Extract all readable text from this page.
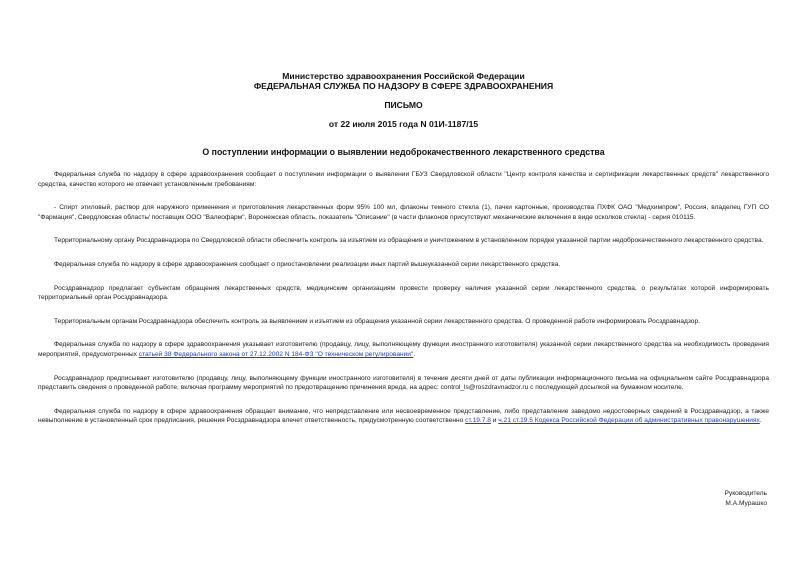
Министерство здравоохранения Российской Федерации
ФЕДЕРАЛЬНАЯ СЛУЖБА ПО НАДЗОРУ В СФЕРЕ ЗДРАВООХРАНЕНИЯ
ПИСЬМО
от 22 июля 2015 года N 01И-1187/15
О поступлении информации о выявлении недоброкачественного лекарственного средства

Федеральная служба по надзору в сфере здравоохранения сообщает о поступлении информации о выявлении ГБУЗ Свердловской области "Центр контроля качества и сертификации лекарственных средств" лекарственного средства, качество которого не отвечает установленным требованиям:

- Спирт этиловый, раствор для наружного применения и приготовления лекарственных форм 95% 100 мл, флаконы темного стекла (1), пачки картонные, производства ПХФК ОАО "Медхимпром", Россия, владелец ГУП СО "Фармация", Свердловская область/ поставщик ООО "Валеофарм", Воронежская область, показатель "Описание" (в части флаконов присутствуют механические включения в виде осколков стекла) - серия 010115.

Территориальному органу Росздравнадзора по Свердловской области обеспечить контроль за изъятием из обращения и уничтожением в установленном порядке указанной партии недоброкачественного лекарственного средства.

Федеральная служба по надзору в сфере здравоохранения сообщает о приостановлении реализации иных партий вышеуказанной серии лекарственного средства.

Росздравнадзор предлагает субъектам обращения лекарственных средств, медицинским организациям провести проверку наличия указанной серии лекарственного средства, о результатах которой информировать территориальный орган Росздравнадзора.

Территориальным органам Росздравнадзора обеспечить контроль за выявлением и изъятием из обращения указанной серии лекарственного средства. О проведенной работе информировать Росздравнадзор.

Федеральная служба по надзору в сфере здравоохранения указывает изготовителю (продавцу, лицу, выполняющему функции иностранного изготовителя) указанной серии лекарственного средства на необходимость проведения мероприятий, предусмотренных статьей 38 Федерального закона от 27.12.2002 N 184-ФЗ "О техническом регулировании".

Росздравнадзор предписывает изготовителю (продавцу, лицу, выполняющему функции иностранного изготовителя) в течение десяти дней от даты публикации информационного письма на официальном сайте Росздравнадзора представить сведения о проведенной работе, включая программу мероприятий по предотвращению причинения вреда, на адрес: control_ls@roszdravnadzor.ru с последующей досылкой на бумажном носителе.

Федеральная служба по надзору в сфере здравоохранения обращает внимание, что непредставление или несвоевременное представление, либо представление заведомо недостоверных сведений в Росздравнадзор, а также невыполнение в установленный срок предписания, решения Росздравнадзора влечет ответственность, предусмотренную соответственно ст.19.7.8 и ч.21 ст.19.5 Кодекса Российской Федерации об административных правонарушениях.

Руководитель
М.А.Мурашко
